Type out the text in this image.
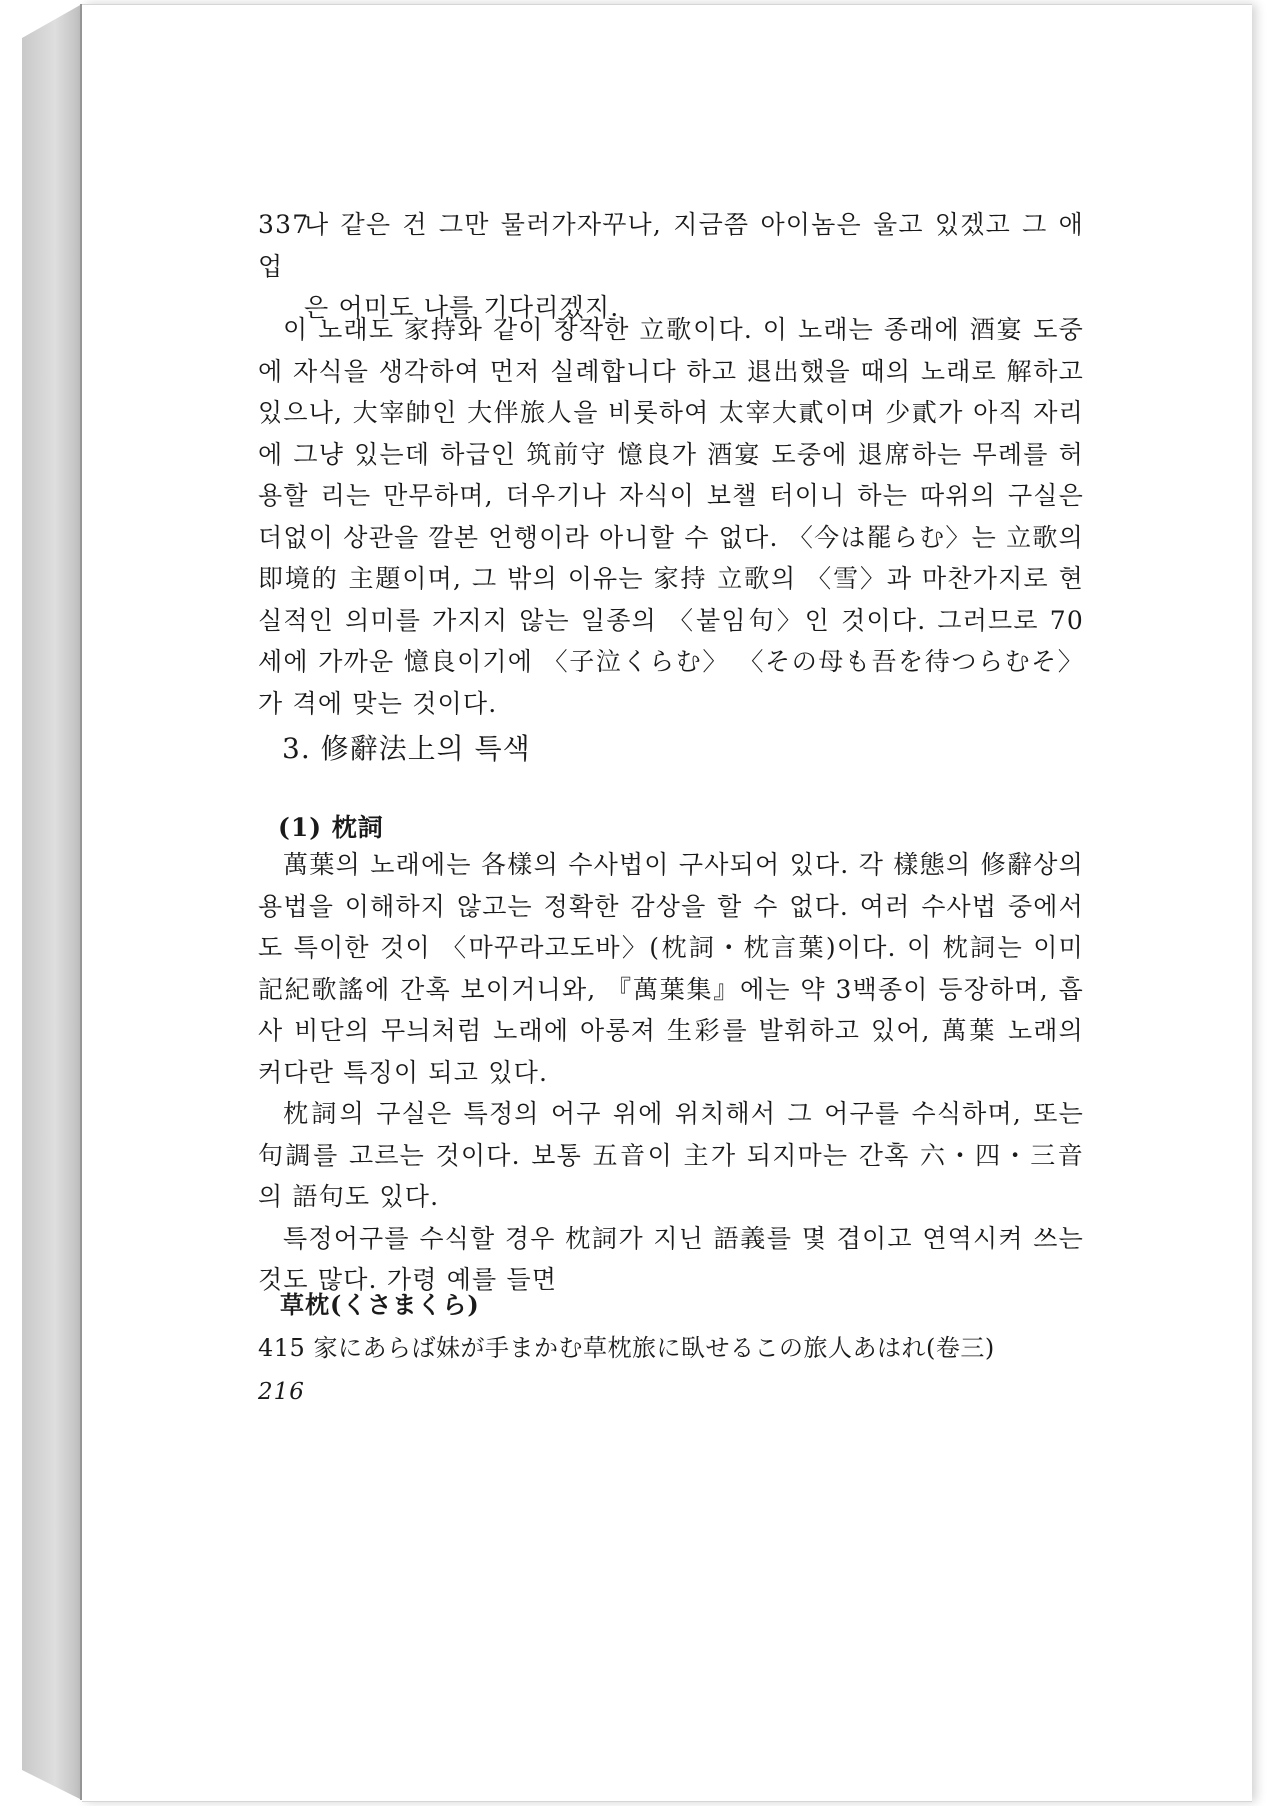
337나 같은 건 그만 물러가자꾸나, 지금쯤 아이놈은 울고 있겠고 그 애 업
은 어미도 나를 기다리겠지.
이 노래도 家持와 같이 창작한 立歌이다. 이 노래는 종래에 酒宴 도중에 자식을 생각하여 먼저 실례합니다 하고 退出했을 때의 노래로 解하고 있으나, 大宰帥인 大伴旅人을 비롯하여 太宰大貳이며 少貳가 아직 자리에 그냥 있는데 하급인 筑前守 憶良가 酒宴 도중에 退席하는 무례를 허용할 리는 만무하며, 더우기나 자식이 보챌 터이니 하는 따위의 구실은 더없이 상관을 깔본 언행이라 아니할 수 없다. 〈今は罷らむ〉는 立歌의 即境的 主題이며, 그 밖의 이유는 家持 立歌의 〈雪〉과 마찬가지로 현실적인 의미를 가지지 않는 일종의 〈붙임句〉인 것이다. 그러므로 70세에 가까운 憶良이기에 〈子泣くらむ〉 〈その母も吾を待つらむそ〉가 격에 맞는 것이다.
3. 修辭法上의 특색
(1) 枕詞
萬葉의 노래에는 各樣의 수사법이 구사되어 있다. 각 樣態의 修辭상의 용법을 이해하지 않고는 정확한 감상을 할 수 없다. 여러 수사법 중에서도 특이한 것이 〈마꾸라고도바〉(枕詞・枕言葉)이다. 이 枕詞는 이미 記紀歌謠에 간혹 보이거니와, 『萬葉集』에는 약 3백종이 등장하며, 흡사 비단의 무늬처럼 노래에 아롱져 生彩를 발휘하고 있어, 萬葉 노래의 커다란 특징이 되고 있다.
枕詞의 구실은 특정의 어구 위에 위치해서 그 어구를 수식하며, 또는 句調를 고르는 것이다. 보통 五音이 主가 되지마는 간혹 六・四・三音의 語句도 있다.
특정어구를 수식할 경우 枕詞가 지닌 語義를 몇 겹이고 연역시켜 쓰는 것도 많다. 가령 예를 들면
草枕(くさまくら)
415 家にあらば妹が手まかむ草枕旅に臥せるこの旅人あはれ(卷三)
216
